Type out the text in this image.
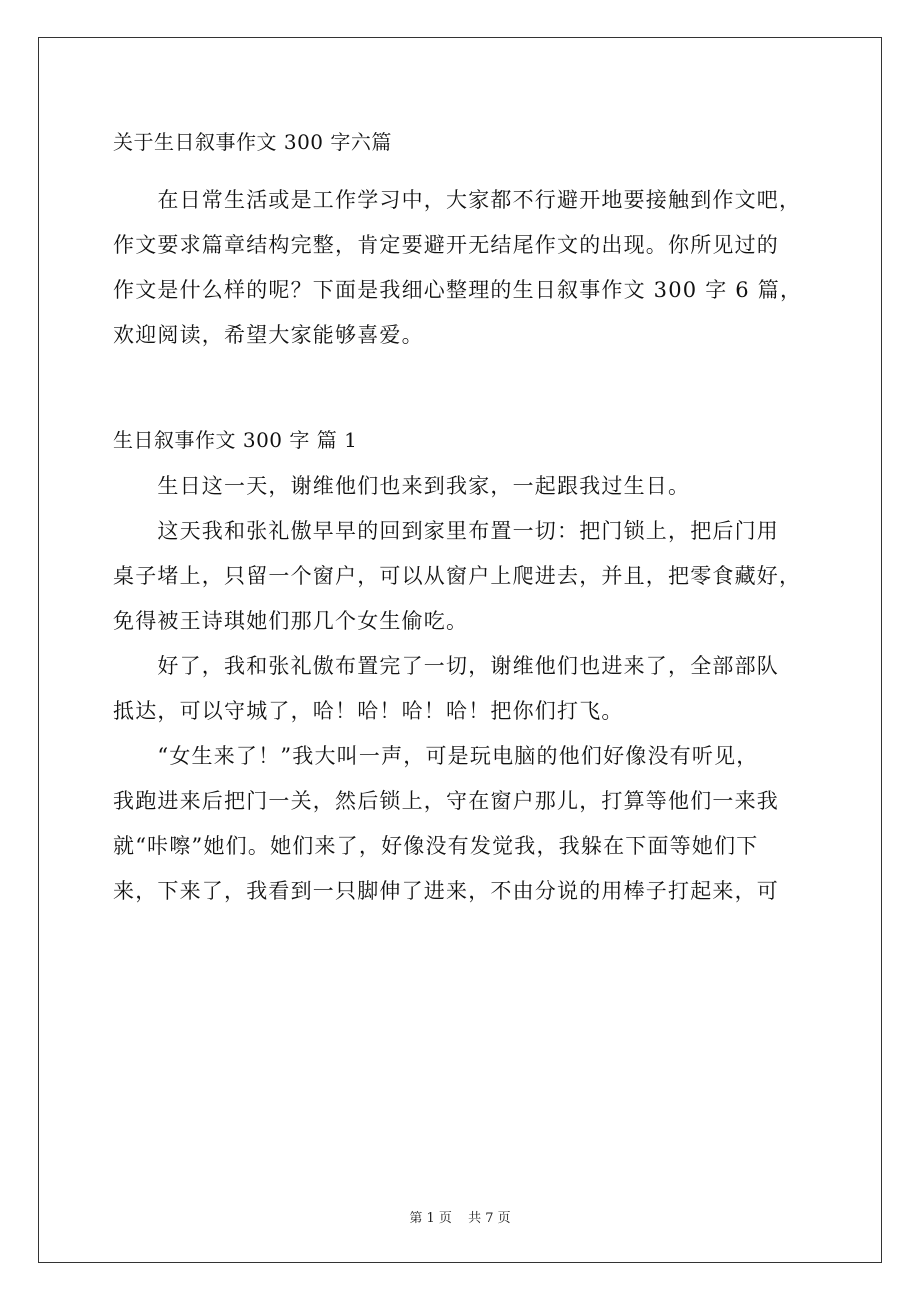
关于生日叙事作文 300 字六篇
　　在日常生活或是工作学习中，大家都不行避开地要接触到作文吧，
作文要求篇章结构完整，肯定要避开无结尾作文的出现。你所见过的
作文是什么样的呢？下面是我细心整理的生日叙事作文 300 字 6 篇，
欢迎阅读，希望大家能够喜爱。
生日叙事作文 300 字 篇 1
　　生日这一天，谢维他们也来到我家，一起跟我过生日。
　　这天我和张礼傲早早的回到家里布置一切：把门锁上，把后门用
桌子堵上，只留一个窗户，可以从窗户上爬进去，并且，把零食藏好，
免得被王诗琪她们那几个女生偷吃。
　　好了，我和张礼傲布置完了一切，谢维他们也进来了，全部部队
抵达，可以守城了，哈！哈！哈！哈！把你们打飞。
　　“女生来了！”我大叫一声，可是玩电脑的他们好像没有听见，
我跑进来后把门一关，然后锁上，守在窗户那儿，打算等他们一来我
就“咔嚓”她们。她们来了，好像没有发觉我，我躲在下面等她们下
来，下来了，我看到一只脚伸了进来，不由分说的用棒子打起来，可
第 1 页 共 7 页
